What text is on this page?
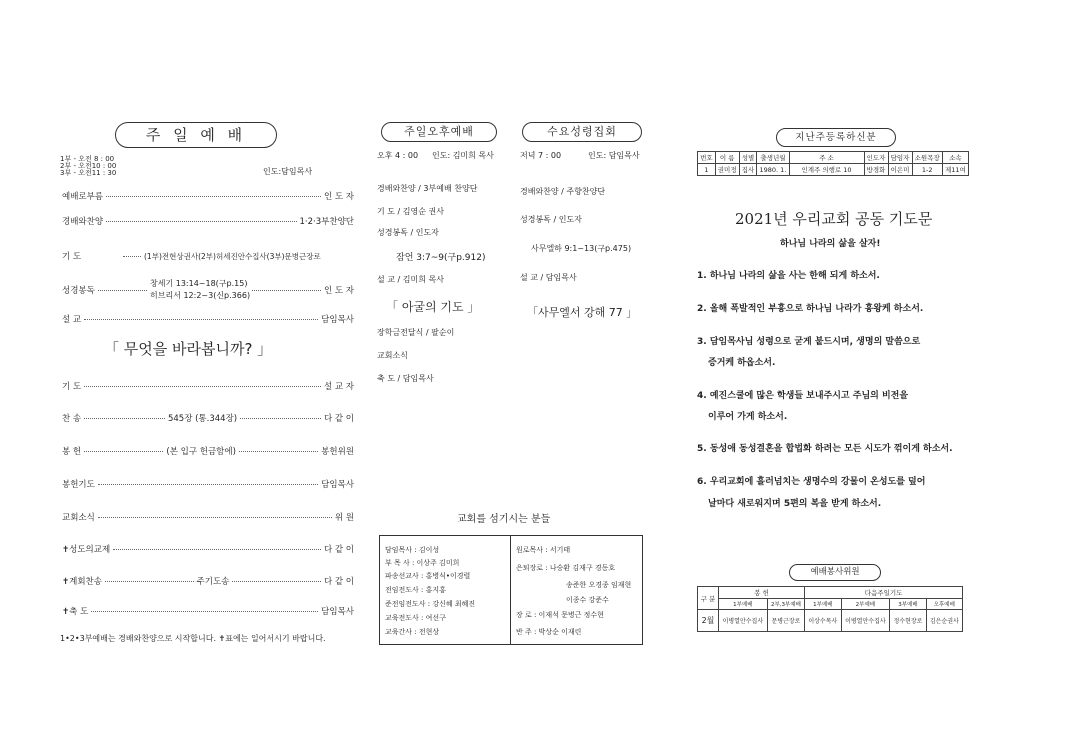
주 일 예 배
1부 - 오전 8 : 00
2부 - 오전10 : 00
3부 - 오전11 : 30	인도:담임목사
예배로부름	인 도 자
경배와찬양	1·2·3부찬양단
기 도	(1부)전현상권사(2부)허세진안수집사(3부)문병근장로
성경봉독	인 도 자
창세기 13:14~18(구p.15)
히브리서 12:2~3(신p.366)
설 교	담임목사
「 무엇을 바라봅니까? 」
기 도	설 교 자
찬 송	545장 (통.344장)	다 같 이
봉 헌	(본 입구 헌금함에)	봉헌위원
봉헌기도	담임목사
교회소식	위 원
✝성도의교제	다 같 이
✝계회찬송	주기도송	다 같 이
✝축 도	담임목사
1•2•3부예배는 경배와찬양으로 시작합니다. ✝표에는 일어서시기 바랍니다.
주일오후예배
오후 4 : 00 인도: 김미희 목사
경배와찬양 / 3부예배 찬양단
기 도 / 김영순 권사
성경봉독 / 인도자
잠언 3:7~9(구p.912)
설 교 / 김미희 목사
「 아굴의 기도 」
장학금전달식 / 팔순이
교회소식
축 도 / 담임목사
수요성령집회
저녁 7 : 00	인도: 담임목사
경배와찬양 / 주향찬양단
성경봉독 / 인도자
사무엘하 9:1~13(구p.475)
설 교 / 담임목사
「사무엘서 강해 77 」
교회를 섬기시는 분들
담임목사 : 김이성
부 목 사 : 이상주 김미희
파송선교사 : 홍병식•이경렬
전임전도사 : 홍지홍
준전임전도사 : 강신혜 최혜진
교육전도사 : 여선구
교육간사 : 전현상
원로목사 : 서기태
은퇴장로 : 나승환 김재구 경동호
송준한 오경종 임재현
이종수 강준수
장 로 : 이재석 문병근 정수현
반 주 : 박상순 이재린
지난주등록하신분
번호	이 름	성별	출생년월	주 소	인도자	담임자	소원목장	소속
1	권미정	집사	1980. 1.	인계주 의행로 10	방경화	이은미	1-2	제11여
2021년 우리교회 공동 기도문
하나님 나라의 삶을 살자!
1. 하나님 나라의 삶을 사는 한해 되게 하소서.
2. 올해 폭발적인 부흥으로 하나님 나라가 흥왕케 하소서.
3. 담임목사님 성령으로 굳게 붙드시며, 생명의 말씀으로
증거케 하옵소서.
4. 예진스쿨에 많은 학생들 보내주시고 주님의 비전을
이루어 가게 하소서.
5. 동성애 동성결혼을 합법화 하려는 모든 시도가 꺾이게 하소서.
6. 우리교회에 흘러넘치는 생명수의 강물이 온성도를 덮어
날마다 새로워지며 5편의 복을 받게 하소서.
예배봉사위원
구 분	봉 헌		다음주일기도			
	1부예배	2부,3부예배	1부예배	2부예배	3부예배	오후예배
2월	이병열안수집사	문병근장로	이상수목사	이병열안수집사	정수현장로	김은순권사
